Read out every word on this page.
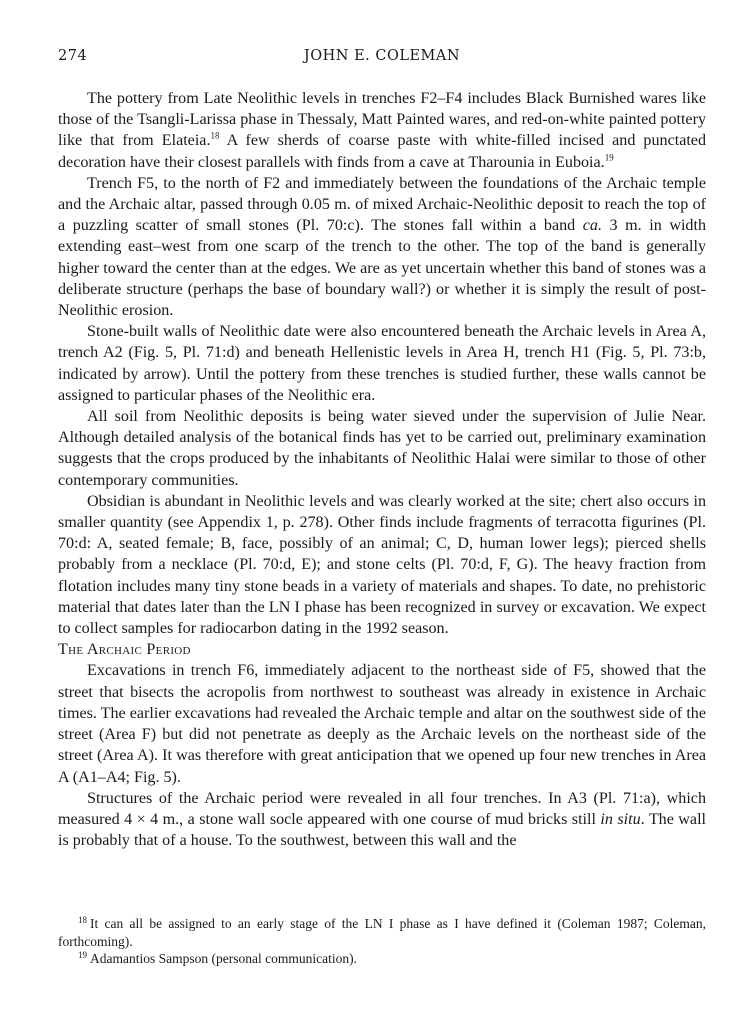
274	JOHN E. COLEMAN

The pottery from Late Neolithic levels in trenches F2–F4 includes Black Burnished wares like those of the Tsangli-Larissa phase in Thessaly, Matt Painted wares, and red-on-white painted pottery like that from Elateia.$^{18}$ A few sherds of coarse paste with white-filled incised and punctated decoration have their closest parallels with finds from a cave at Tharounia in Euboia.$^{19}$

Trench F5, to the north of F2 and immediately between the foundations of the Archaic temple and the Archaic altar, passed through 0.05 m. of mixed Archaic-Neolithic deposit to reach the top of a puzzling scatter of small stones (Pl. 70:c). The stones fall within a band ca. 3 m. in width extending east–west from one scarp of the trench to the other. The top of the band is generally higher toward the center than at the edges. We are as yet uncertain whether this band of stones was a deliberate structure (perhaps the base of boundary wall?) or whether it is simply the result of post-Neolithic erosion.

Stone-built walls of Neolithic date were also encountered beneath the Archaic levels in Area A, trench A2 (Fig. 5, Pl. 71:d) and beneath Hellenistic levels in Area H, trench H1 (Fig. 5, Pl. 73:b, indicated by arrow). Until the pottery from these trenches is studied further, these walls cannot be assigned to particular phases of the Neolithic era.

All soil from Neolithic deposits is being water sieved under the supervision of Julie Near. Although detailed analysis of the botanical finds has yet to be carried out, preliminary examination suggests that the crops produced by the inhabitants of Neolithic Halai were similar to those of other contemporary communities.

Obsidian is abundant in Neolithic levels and was clearly worked at the site; chert also occurs in smaller quantity (see Appendix 1, p. 278). Other finds include fragments of terracotta figurines (Pl. 70:d: A, seated female; B, face, possibly of an animal; C, D, human lower legs); pierced shells probably from a necklace (Pl. 70:d, E); and stone celts (Pl. 70:d, F, G). The heavy fraction from flotation includes many tiny stone beads in a variety of materials and shapes. To date, no prehistoric material that dates later than the LN I phase has been recognized in survey or excavation. We expect to collect samples for radiocarbon dating in the 1992 season.

The Archaic Period

Excavations in trench F6, immediately adjacent to the northeast side of F5, showed that the street that bisects the acropolis from northwest to southeast was already in existence in Archaic times. The earlier excavations had revealed the Archaic temple and altar on the southwest side of the street (Area F) but did not penetrate as deeply as the Archaic levels on the northeast side of the street (Area A). It was therefore with great anticipation that we opened up four new trenches in Area A (A1–A4; Fig. 5).

Structures of the Archaic period were revealed in all four trenches. In A3 (Pl. 71:a), which measured 4 × 4 m., a stone wall socle appeared with one course of mud bricks still in situ. The wall is probably that of a house. To the southwest, between this wall and the

$^{18}$ It can all be assigned to an early stage of the LN I phase as I have defined it (Coleman 1987; Coleman, forthcoming).

$^{19}$ Adamantios Sampson (personal communication).
